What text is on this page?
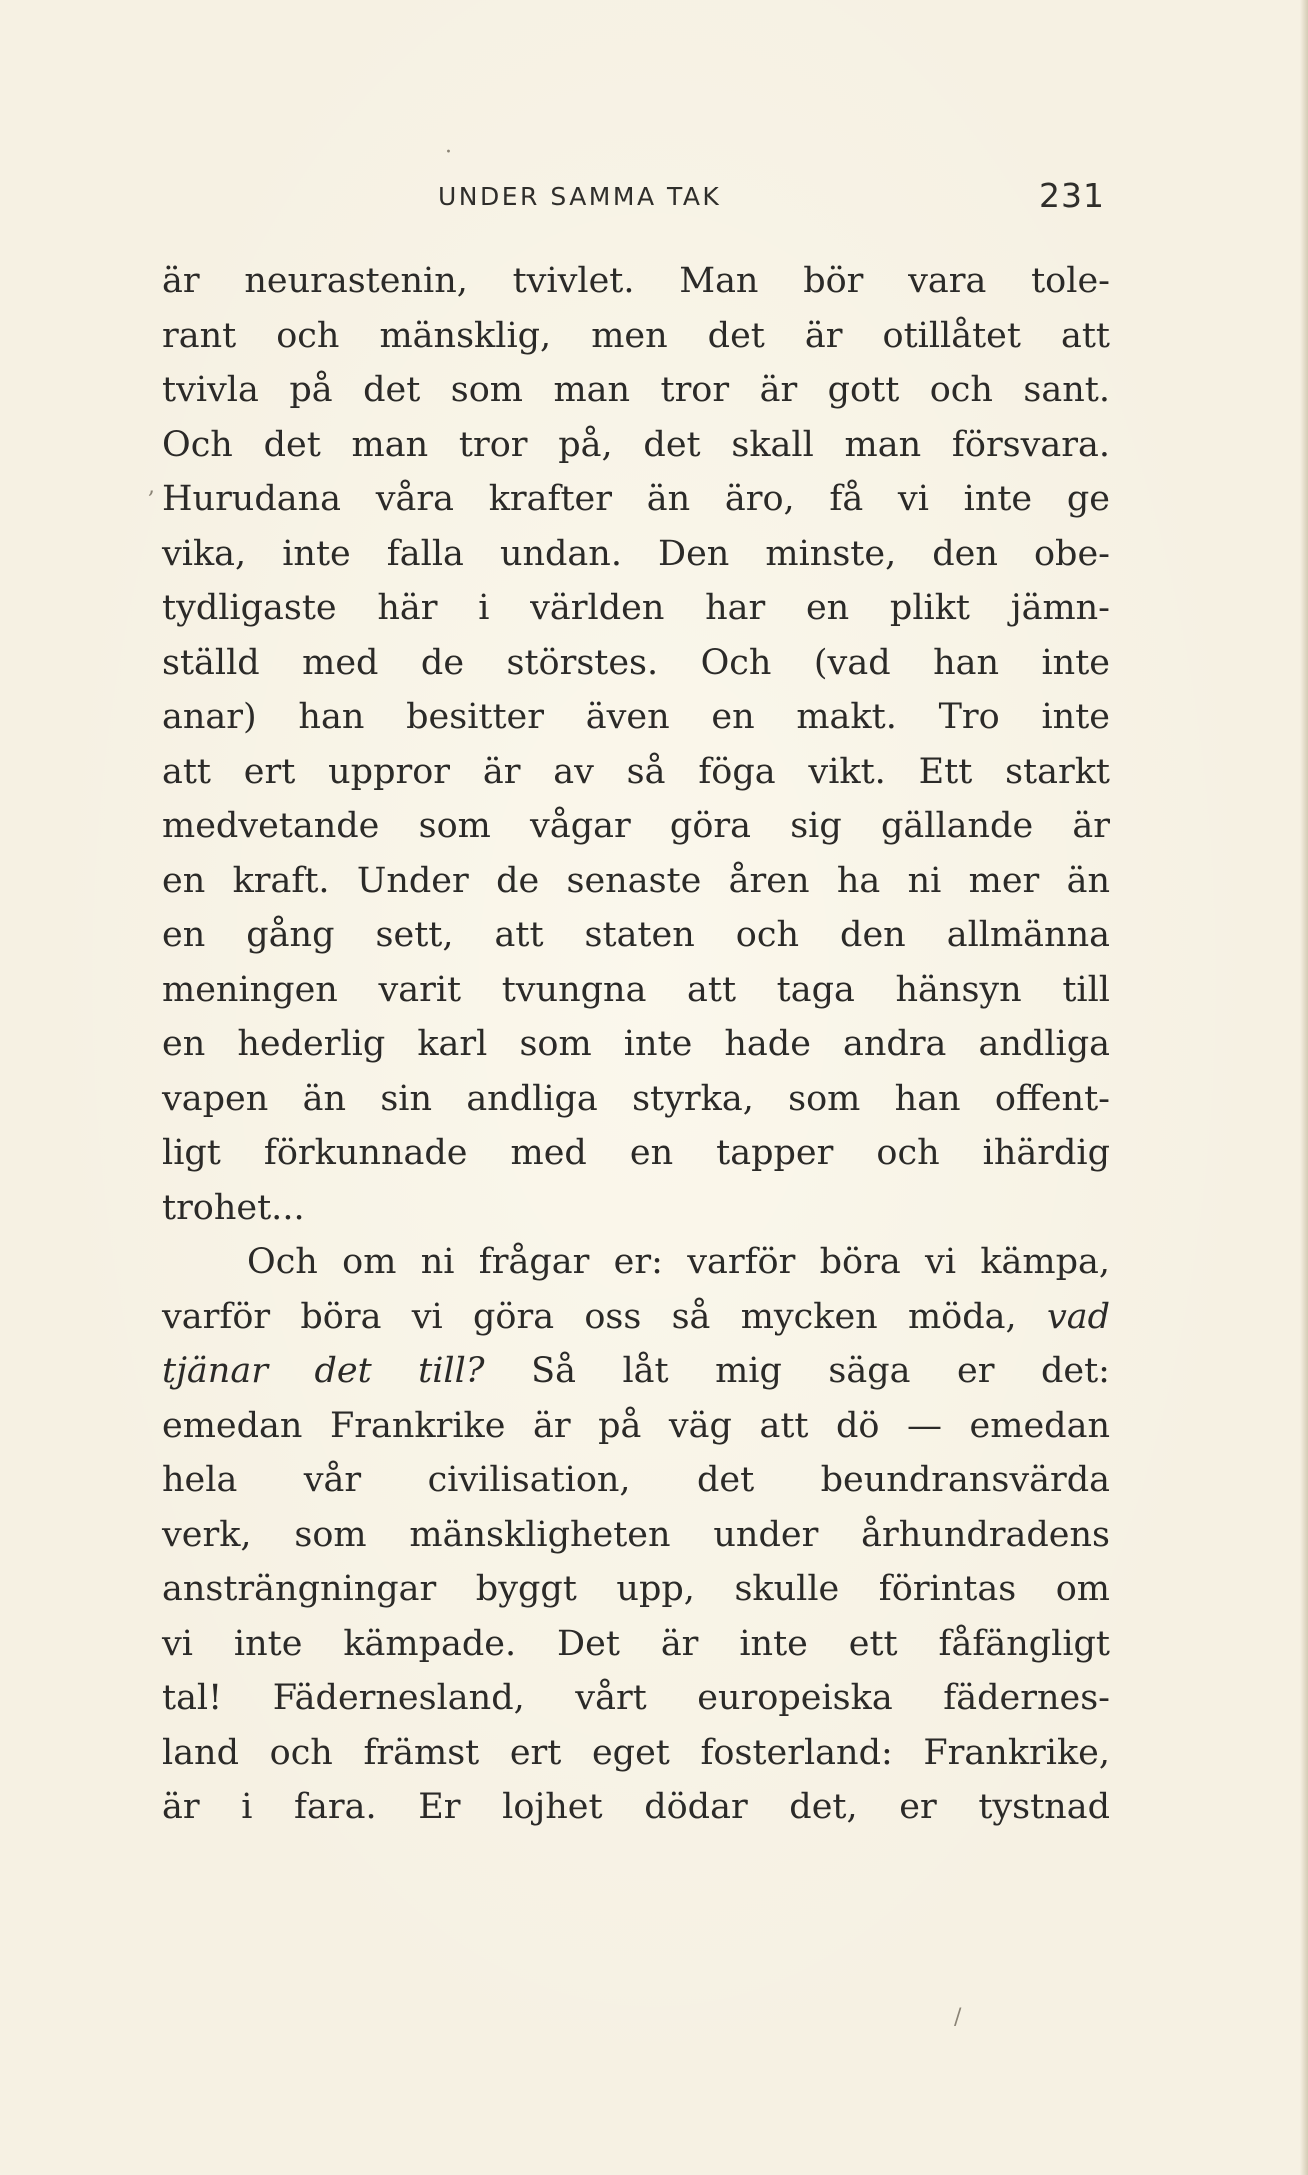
·
,
/
UNDER SAMMA TAK	231
är neurastenin, tvivlet. Man bör vara tole-
rant och mänsklig, men det är otillåtet att
tvivla på det som man tror är gott och sant.
Och det man tror på, det skall man försvara.
Hurudana våra krafter än äro, få vi inte ge
vika, inte falla undan. Den minste, den obe-
tydligaste här i världen har en plikt jämn-
ställd med de störstes. Och (vad han inte
anar) han besitter även en makt. Tro inte
att ert uppror är av så föga vikt. Ett starkt
medvetande som vågar göra sig gällande är
en kraft. Under de senaste åren ha ni mer än
en gång sett, att staten och den allmänna
meningen varit tvungna att taga hänsyn till
en hederlig karl som inte hade andra andliga
vapen än sin andliga styrka, som han offent-
ligt förkunnade med en tapper och ihärdig
trohet...
Och om ni frågar er: varför böra vi kämpa,
varför böra vi göra oss så mycken möda, vad
tjänar det till? Så låt mig säga er det:
emedan Frankrike är på väg att dö — emedan
hela vår civilisation, det beundransvärda
verk, som mänskligheten under århundradens
ansträngningar byggt upp, skulle förintas om
vi inte kämpade. Det är inte ett fåfängligt
tal! Fädernesland, vårt europeiska fädernes-
land och främst ert eget fosterland: Frankrike,
är i fara. Er lojhet dödar det, er tystnad
